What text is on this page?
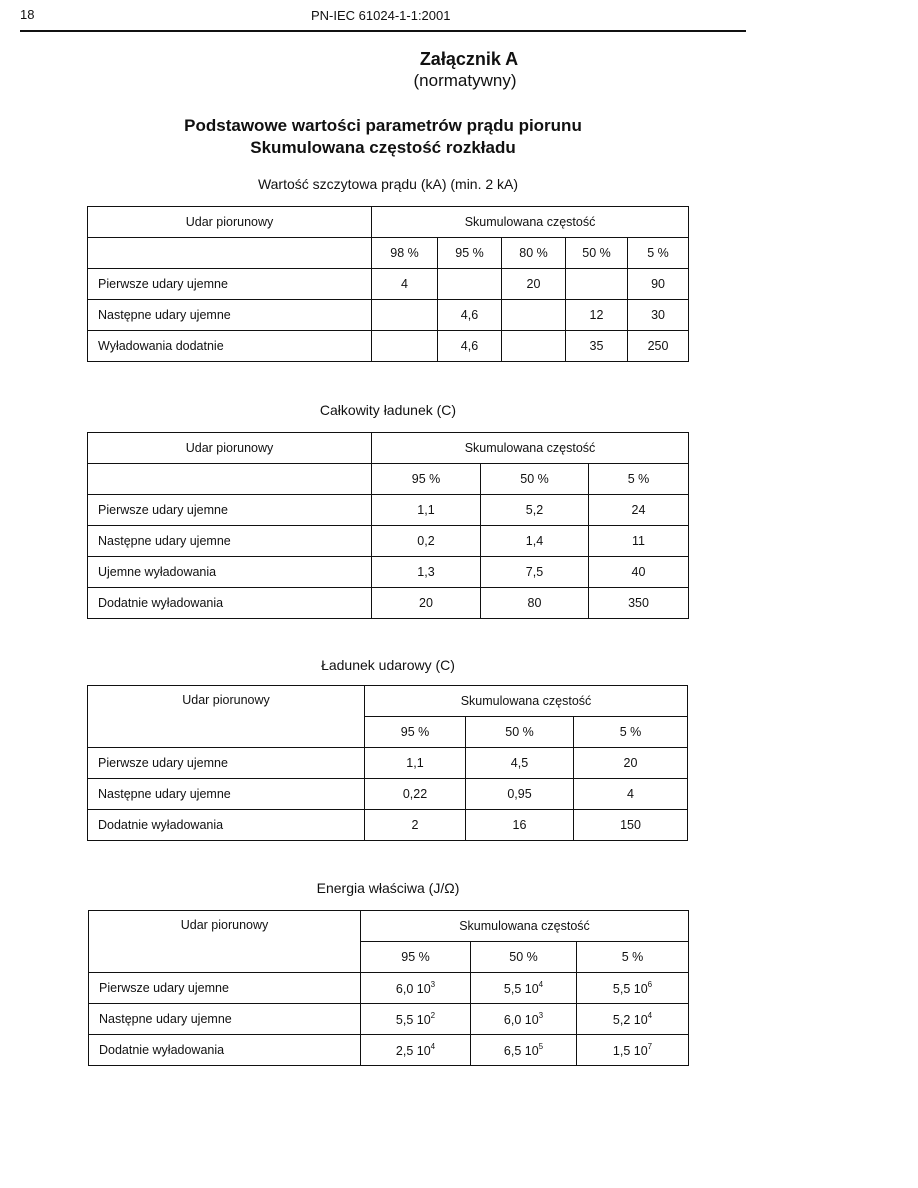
18	PN-IEC 61024-1-1:2001
Załącznik A
(normatywny)
Podstawowe wartości parametrów prądu piorunu
Skumulowana częstość rozkładu
Wartość szczytowa prądu (kA) (min. 2 kA)
Udar piorunowy	Skumulowana częstość				
	98 %	95 %	80 %	50 %	5 %
Pierwsze udary ujemne	4		20		90
Następne udary ujemne		4,6		12	30
Wyładowania dodatnie		4,6		35	250
Całkowity ładunek (C)
Udar piorunowy	Skumulowana częstość		
	95 %	50 %	5 %
Pierwsze udary ujemne	1,1	5,2	24
Następne udary ujemne	0,2	1,4	11
Ujemne wyładowania	1,3	7,5	40
Dodatnie wyładowania	20	80	350
Ładunek udarowy (C)
Udar piorunowy	Skumulowana częstość		
	95 %	50 %	5 %
Pierwsze udary ujemne	1,1	4,5	20
Następne udary ujemne	0,22	0,95	4
Dodatnie wyładowania	2	16	150
Energia właściwa (J/Ω)
Udar piorunowy	Skumulowana częstość		
	95 %	50 %	5 %
Pierwsze udary ujemne	6,0 $10^3$	5,5 $10^4$	5,5 $10^6$
Następne udary ujemne	5,5 $10^2$	6,0 $10^3$	5,2 $10^4$
Dodatnie wyładowania	2,5 $10^4$	6,5 $10^5$	1,5 $10^7$
